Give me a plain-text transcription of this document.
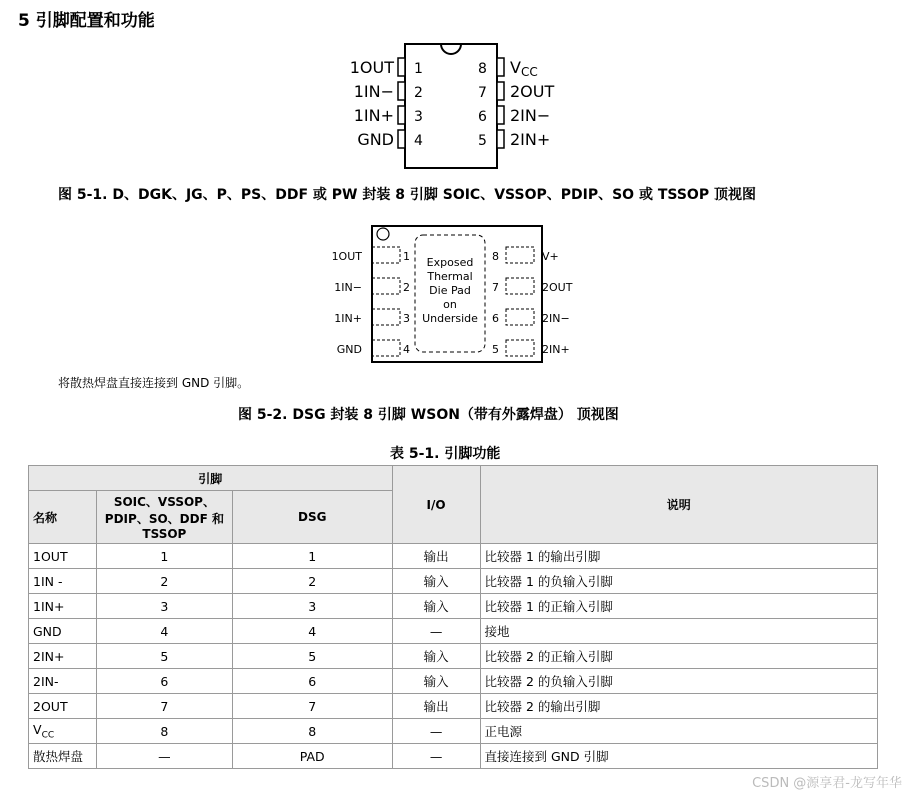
5 引脚配置和功能
1OUT 1
1IN− 2
1IN+ 3
GND 4
VCC
8
2OUT
7
2IN−
6
2IN+
5
图 5-1. D、DGK、JG、P、PS、DDF 或 PW 封装 8 引脚 SOIC、VSSOP、PDIP、SO 或 TSSOP 顶视图
Exposed
Thermal
Die Pad
on
Underside
1OUT	1
1IN−	2
1IN+	3
GND	4
V+
8
2OUT
7
2IN−
6
2IN+
5
将散热焊盘直接连接到 GND 引脚。
图 5-2. DSG 封装 8 引脚 WSON（带有外露焊盘） 顶视图
表 5-1. 引脚功能
引脚			I/O	说明
名称	SOIC、VSSOP、PDIP、SO、DDF 和 TSSOP	DSG		
1OUT	1	1	输出	比较器 1 的输出引脚
1IN -	2	2	输入	比较器 1 的负输入引脚
1IN+	3	3	输入	比较器 1 的正输入引脚
GND	4	4	—	接地
2IN+	5	5	输入	比较器 2 的正输入引脚
2IN-	6	6	输入	比较器 2 的负输入引脚
2OUT	7	7	输出	比较器 2 的输出引脚
$V_{CC}$	8	8	—	正电源
散热焊盘	—	PAD	—	直接连接到 GND 引脚
CSDN @源享君-龙写年华
